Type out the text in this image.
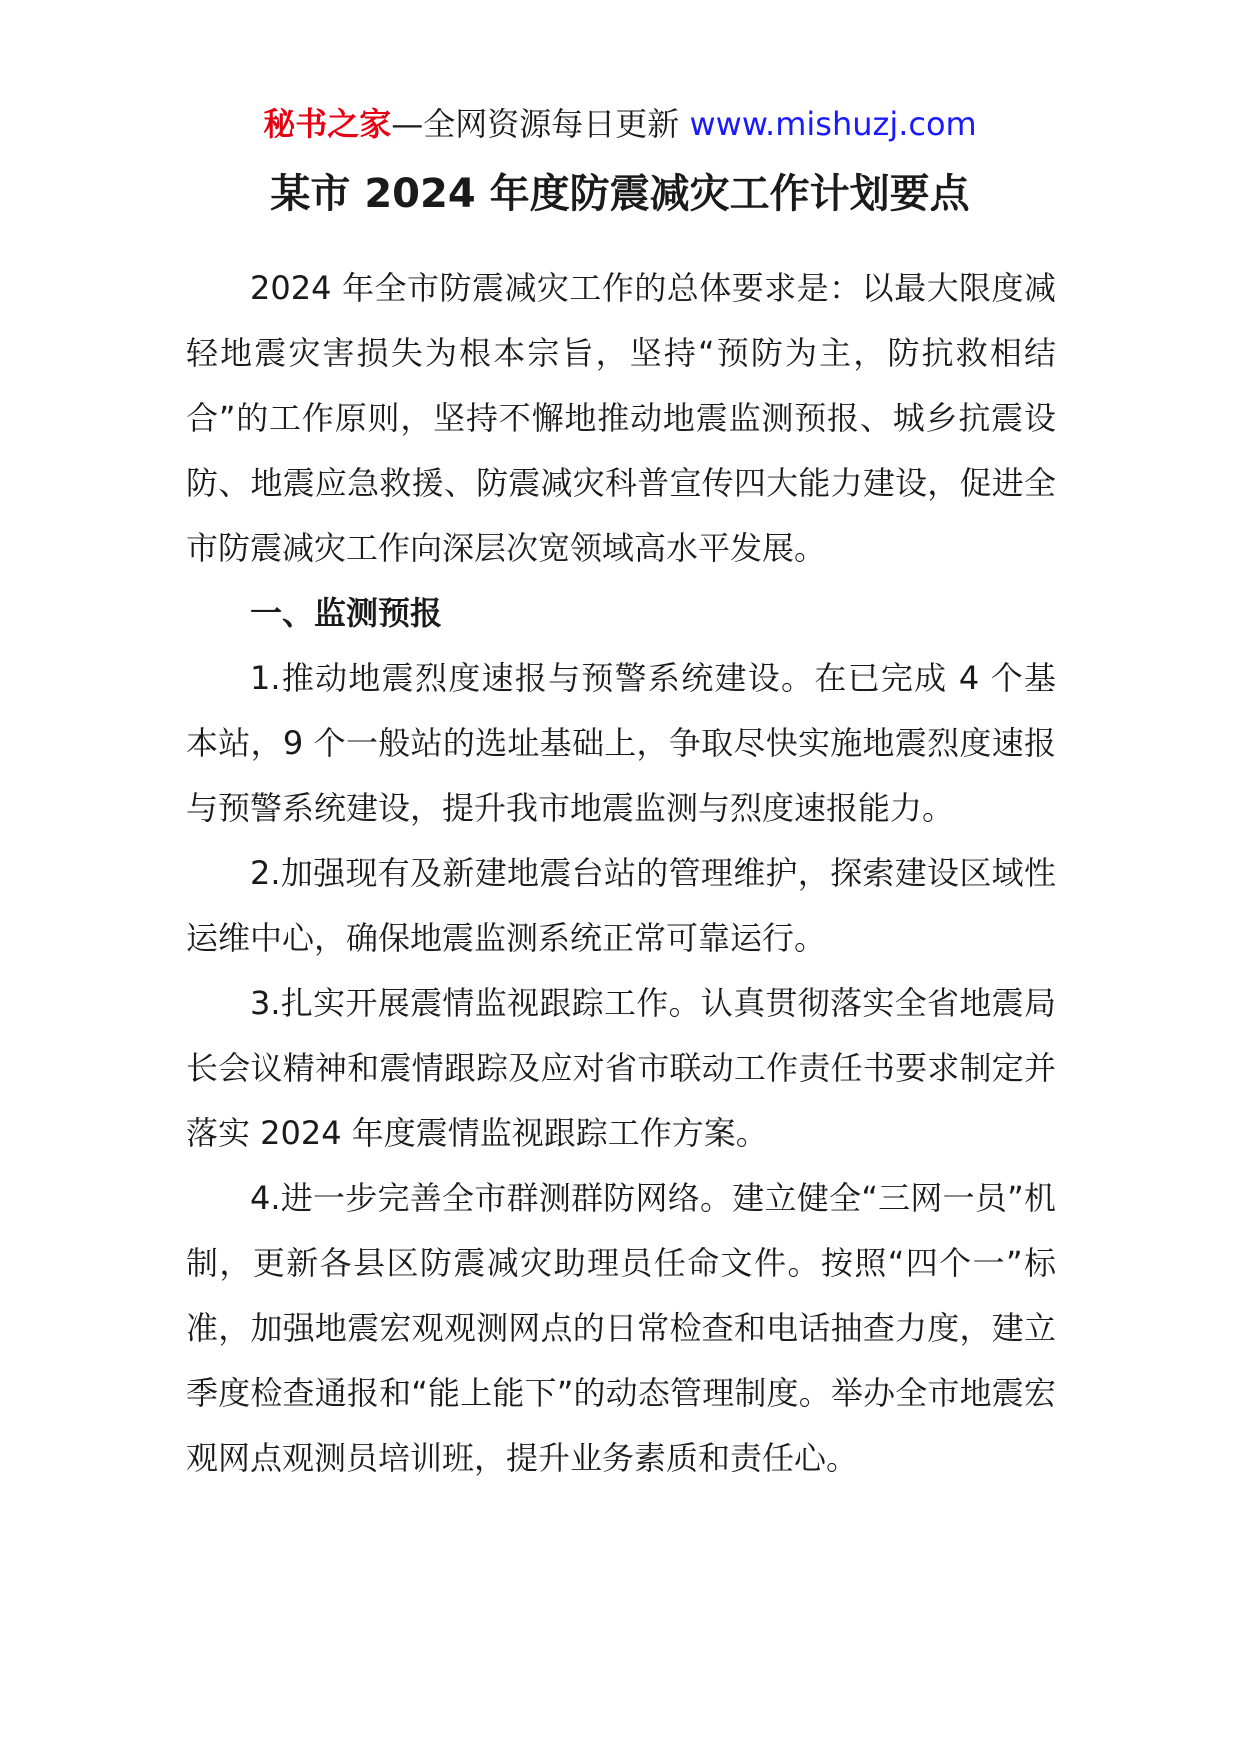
秘书之家—全网资源每日更新 www.mishuzj.com
某市 2024 年度防震减灾工作计划要点

2024 年全市防震减灾工作的总体要求是：以最大限度减轻地震灾害损失为根本宗旨，坚持“预防为主，防抗救相结合”的工作原则，坚持不懈地推动地震监测预报、城乡抗震设防、地震应急救援、防震减灾科普宣传四大能力建设，促进全市防震减灾工作向深层次宽领域高水平发展。

一、监测预报

1.推动地震烈度速报与预警系统建设。在已完成 4 个基本站，9 个一般站的选址基础上，争取尽快实施地震烈度速报与预警系统建设，提升我市地震监测与烈度速报能力。

2.加强现有及新建地震台站的管理维护，探索建设区域性运维中心，确保地震监测系统正常可靠运行。

3.扎实开展震情监视跟踪工作。认真贯彻落实全省地震局长会议精神和震情跟踪及应对省市联动工作责任书要求制定并落实 2024 年度震情监视跟踪工作方案。

4.进一步完善全市群测群防网络。建立健全“三网一员”机制，更新各县区防震减灾助理员任命文件。按照“四个一”标准，加强地震宏观观测网点的日常检查和电话抽查力度，建立季度检查通报和“能上能下”的动态管理制度。举办全市地震宏观网点观测员培训班，提升业务素质和责任心。
